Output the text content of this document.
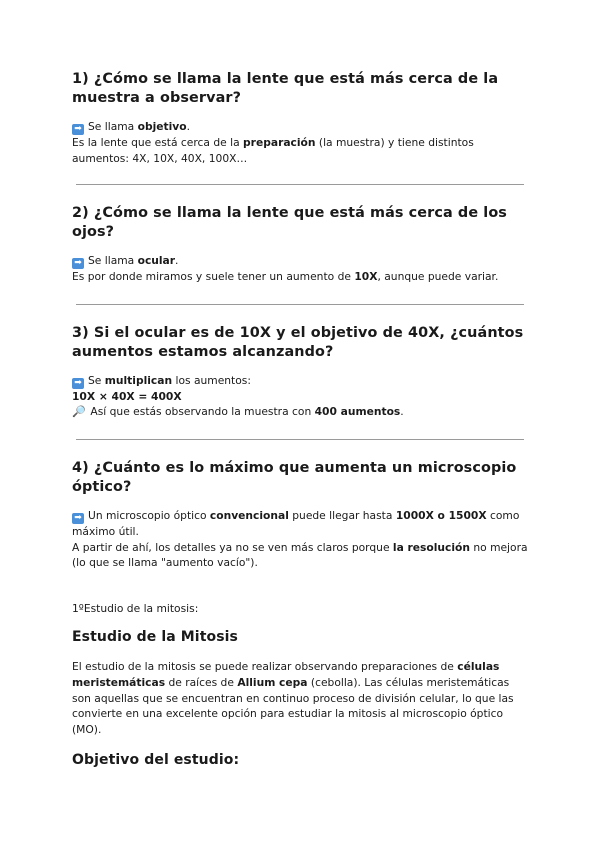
1) ¿Cómo se llama la lente que está más cerca de la muestra a observar?

➡ Se llama objetivo.
Es la lente que está cerca de la preparación (la muestra) y tiene distintos aumentos: 4X, 10X, 40X, 100X…

2) ¿Cómo se llama la lente que está más cerca de los ojos?

➡ Se llama ocular.
Es por donde miramos y suele tener un aumento de 10X, aunque puede variar.

3) Si el ocular es de 10X y el objetivo de 40X, ¿cuántos aumentos estamos alcanzando?

➡ Se multiplican los aumentos:
10X × 40X = 400X
🔎 Así que estás observando la muestra con 400 aumentos.

4) ¿Cuánto es lo máximo que aumenta un microscopio óptico?

➡ Un microscopio óptico convencional puede llegar hasta 1000X o 1500X como máximo útil.
A partir de ahí, los detalles ya no se ven más claros porque la resolución no mejora (lo que se llama "aumento vacío").

1ºEstudio de la mitosis:

Estudio de la Mitosis

El estudio de la mitosis se puede realizar observando preparaciones de células meristemáticas de raíces de Allium cepa (cebolla). Las células meristemáticas son aquellas que se encuentran en continuo proceso de división celular, lo que las convierte en una excelente opción para estudiar la mitosis al microscopio óptico (MO).

Objetivo del estudio:
